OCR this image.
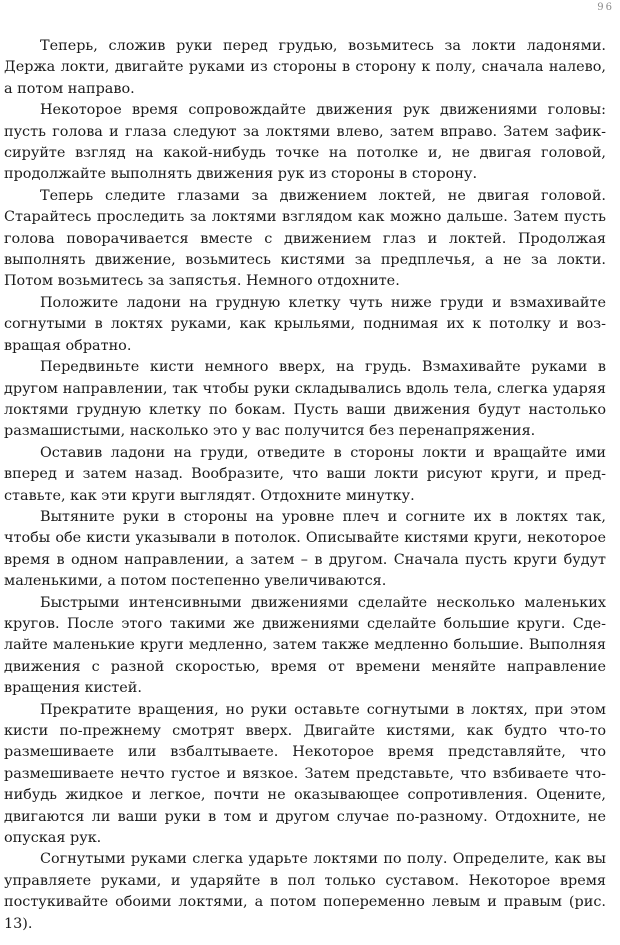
96

Теперь, сложив руки перед грудью, возьмитесь за локти ладонями. Держа локти, двигайте руками из стороны в сторону к полу, сначала налево, а потом направо.

Некоторое время сопровождайте движения рук движениями головы: пусть голова и глаза следуют за локтями влево, затем вправо. Затем зафиксируйте взгляд на какой-нибудь точке на потолке и, не двигая головой, продолжайте выполнять движения рук из стороны в сторону.

Теперь следите глазами за движением локтей, не двигая головой. Старайтесь проследить за локтями взглядом как можно дальше. Затем пусть голова поворачивается вместе с движением глаз и локтей. Продолжая выполнять движение, возьмитесь кистями за предплечья, а не за локти. Потом возьмитесь за запястья. Немного отдохните.

Положите ладони на грудную клетку чуть ниже груди и взмахивайте согнутыми в локтях руками, как крыльями, поднимая их к потолку и возвращая обратно.

Передвиньте кисти немного вверх, на грудь. Взмахивайте руками в другом направлении, так чтобы руки складывались вдоль тела, слегка ударяя локтями грудную клетку по бокам. Пусть ваши движения будут настолько размашистыми, насколько это у вас получится без перенапряжения.

Оставив ладони на груди, отведите в стороны локти и вращайте ими вперед и затем назад. Вообразите, что ваши локти рисуют круги, и представьте, как эти круги выглядят. Отдохните минутку.

Вытяните руки в стороны на уровне плеч и согните их в локтях так, чтобы обе кисти указывали в потолок. Описывайте кистями круги, некоторое время в одном направлении, а затем – в другом. Сначала пусть круги будут маленькими, а потом постепенно увеличиваются.

Быстрыми интенсивными движениями сделайте несколько маленьких кругов. После этого такими же движениями сделайте большие круги. Сделайте маленькие круги медленно, затем также медленно большие. Выполняя движения с разной скоростью, время от времени меняйте направление вращения кистей.

Прекратите вращения, но руки оставьте согнутыми в локтях, при этом кисти по-прежнему смотрят вверх. Двигайте кистями, как будто что-то размешиваете или взбалтываете. Некоторое время представляйте, что размешиваете нечто густое и вязкое. Затем представьте, что взбиваете чтонибудь жидкое и легкое, почти не оказывающее сопротивления. Оцените, двигаются ли ваши руки в том и другом случае по-разному. Отдохните, не опуская рук.

Согнутыми руками слегка ударьте локтями по полу. Определите, как вы управляете руками, и ударяйте в пол только суставом. Некоторое время постукивайте обоими локтями, а потом попеременно левым и правым (рис. 13).
